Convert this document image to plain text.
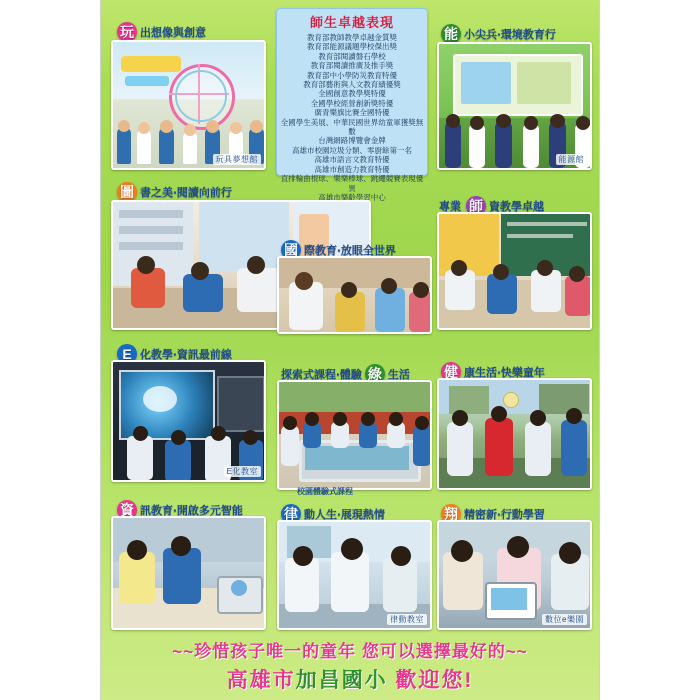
師生卓越表現
教育部教師教學卓越金質獎
教育部能源議題學校傑出獎
教育部閱讀磐石學校
教育部閱讀推廣及推手獎
教育部中小學防災教育特優
教育部藝術與人文教育績優獎
全國創意教學獎特優
全國學校經營創新獎特優
廣青樂旗比賽全國特優
全國學生美展、中華民國世界幼童軍獲獎無數
台灣網路博覽會金牌
高雄市校園垃圾分類、零廚餘第一名
高雄市語言文教育特優
高雄市創造力教育特優
直排輪曲棍球、樂樂棒球、跳繩競賽表現優異
高雄市樂齡學習中心
玩 出想像與創意
玩具夢想館
能 小尖兵‧環境教育行
能源館
圖 書之美‧閱讀向前行
專業 師 資教學卓越
國 際教育‧放眼全世界
E 化教學‧資訊最前線
E化教室
探索式課程‧體驗 綠 生活
校園體驗式課程
健 康生活‧快樂童年
資 訊教育‧開啟多元智能	律 動人生‧展現熱情
律動教室
翔 精密新‧行動學習
數位e樂園
~~珍惜孩子唯一的童年 您可以選擇最好的~~
高雄市加昌國小 歡迎您!
